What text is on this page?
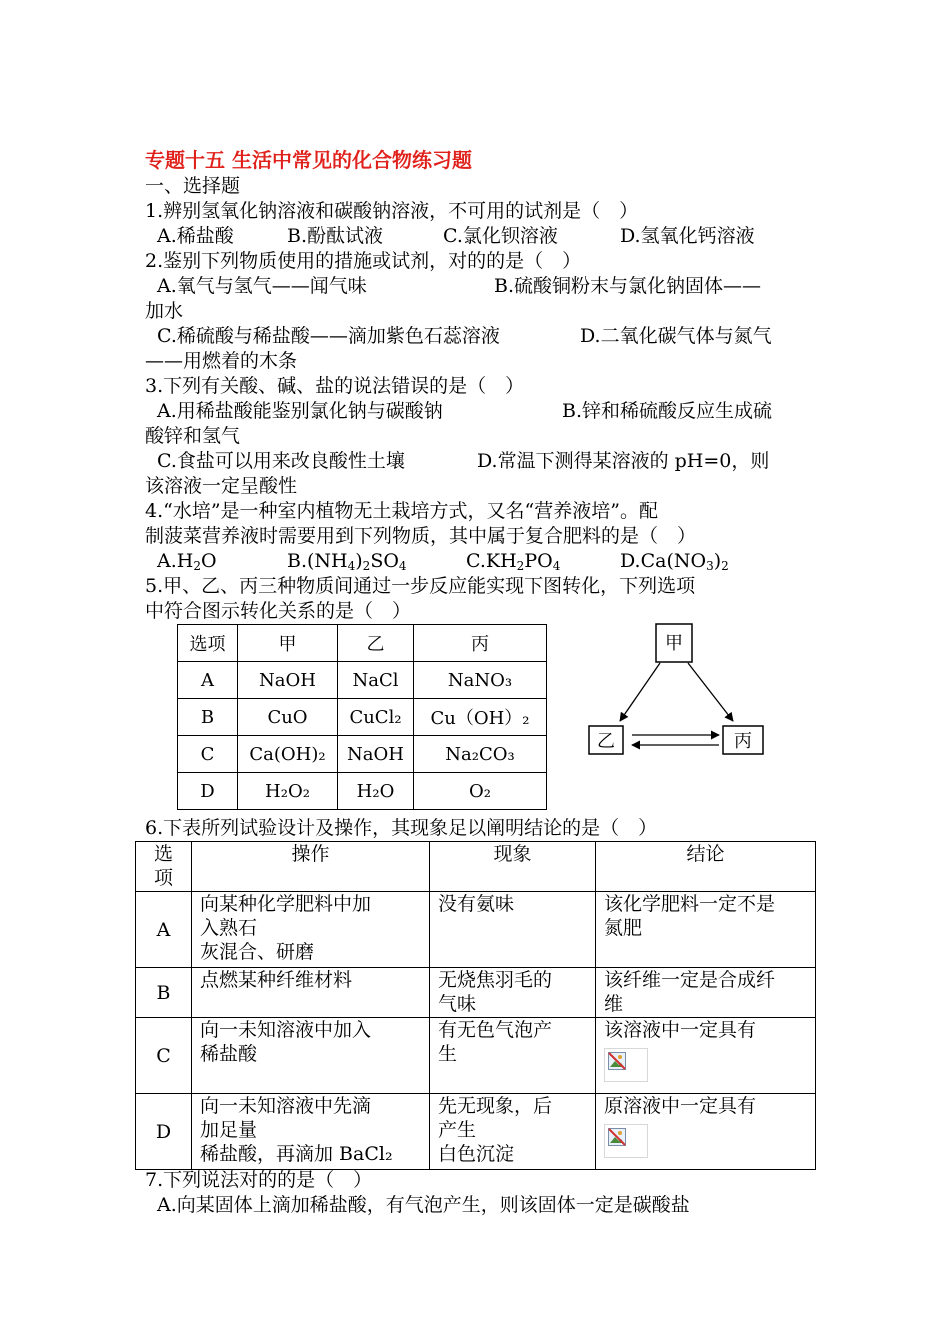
专题十五 生活中常见的化合物练习题
一、选择题
1.辨别氢氧化钠溶液和碳酸钠溶液，不可用的试剂是（　）
A.稀盐酸	B.酚酞试液	C.氯化钡溶液	D.氢氧化钙溶液
2.鉴别下列物质使用的措施或试剂，对的的是（　）
A.氧气与氢气——闻气味	B.硫酸铜粉末与氯化钠固体——
加水
C.稀硫酸与稀盐酸——滴加紫色石蕊溶液	D.二氧化碳气体与氮气
——用燃着的木条
3.下列有关酸、碱、盐的说法错误的是（　）
A.用稀盐酸能鉴别氯化钠与碳酸钠	B.锌和稀硫酸反应生成硫
酸锌和氢气
C.食盐可以用来改良酸性土壤	D.常温下测得某溶液的 pH=0，则
该溶液一定呈酸性
4.“水培”是一种室内植物无土栽培方式，又名“营养液培”。配
制菠菜营养液时需要用到下列物质，其中属于复合肥料的是（　）
$A.H_2O$	$B.(NH_4)_2SO_4$	$C.KH_2PO_4$	$D.Ca(NO_3)_2$
5.甲、乙、丙三种物质间通过一步反应能实现下图转化，下列选项
中符合图示转化关系的是（　）
选项	甲	乙	丙
A	NaOH	NaCl	NaNO₃
B	CuO	CuCl₂	Cu（OH）₂
C	Ca(OH)₂	NaOH	Na₂CO₃
D	H₂O₂	H₂O	O₂
甲
乙	丙
6.下表所列试验设计及操作，其现象足以阐明结论的是（　）
选
项	操作	现象	结论
A	向某种化学肥料中加
入熟石
灰混合、研磨	没有氨味	该化学肥料一定不是
氮肥
B	点燃某种纤维材料	无烧焦羽毛的
气味	该纤维一定是合成纤
维
C	向一未知溶液中加入
稀盐酸	有无色气泡产
生	该溶液中一定具有

D	向一未知溶液中先滴
加足量
稀盐酸，再滴加 BaCl₂	先无现象，后
产生
白色沉淀	原溶液中一定具有

7.下列说法对的的是（　）
A.向某固体上滴加稀盐酸，有气泡产生，则该固体一定是碳酸盐
